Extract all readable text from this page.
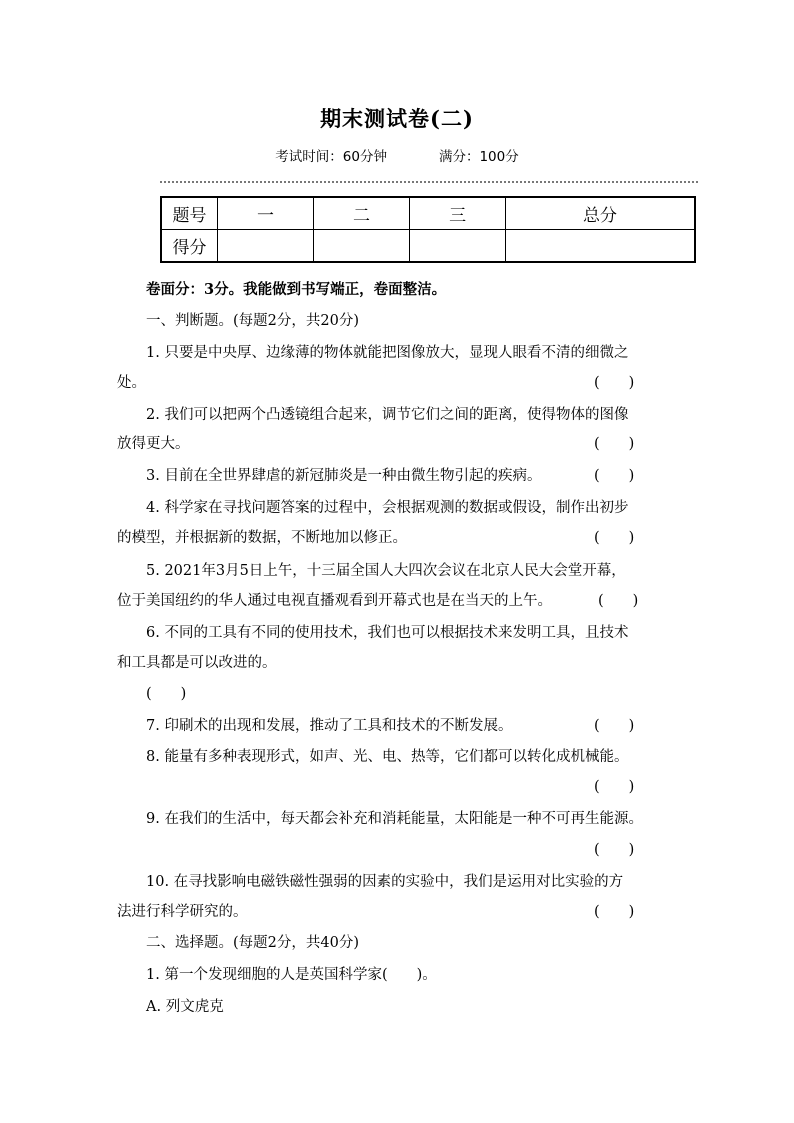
期末测试卷(二)
考试时间：60分钟	满分：100分
题号	一	二	三	总分
得分				
卷面分：3分。我能做到书写端正，卷面整洁。
一、判断题。(每题2分，共20分)
1. 只要是中央厚、边缘薄的物体就能把图像放大，显现人眼看不清的细微之
处。	(　　)
2. 我们可以把两个凸透镜组合起来，调节它们之间的距离，使得物体的图像
放得更大。	(　　)
3. 目前在全世界肆虐的新冠肺炎是一种由微生物引起的疾病。	(　　)
4. 科学家在寻找问题答案的过程中，会根据观测的数据或假设，制作出初步
的模型，并根据新的数据，不断地加以修正。	(　　)
5. 2021年3月5日上午，十三届全国人大四次会议在北京人民大会堂开幕，
位于美国纽约的华人通过电视直播观看到开幕式也是在当天的上午。	(　　)
6. 不同的工具有不同的使用技术，我们也可以根据技术来发明工具，且技术
和工具都是可以改进的。
(　　)
7. 印刷术的出现和发展，推动了工具和技术的不断发展。	(　　)
8. 能量有多种表现形式，如声、光、电、热等，它们都可以转化成机械能。
(　　)
9. 在我们的生活中，每天都会补充和消耗能量，太阳能是一种不可再生能源。
(　　)
10. 在寻找影响电磁铁磁性强弱的因素的实验中，我们是运用对比实验的方
法进行科学研究的。	(　　)
二、选择题。(每题2分，共40分)
1. 第一个发现细胞的人是英国科学家(　　)。
A. 列文虎克
